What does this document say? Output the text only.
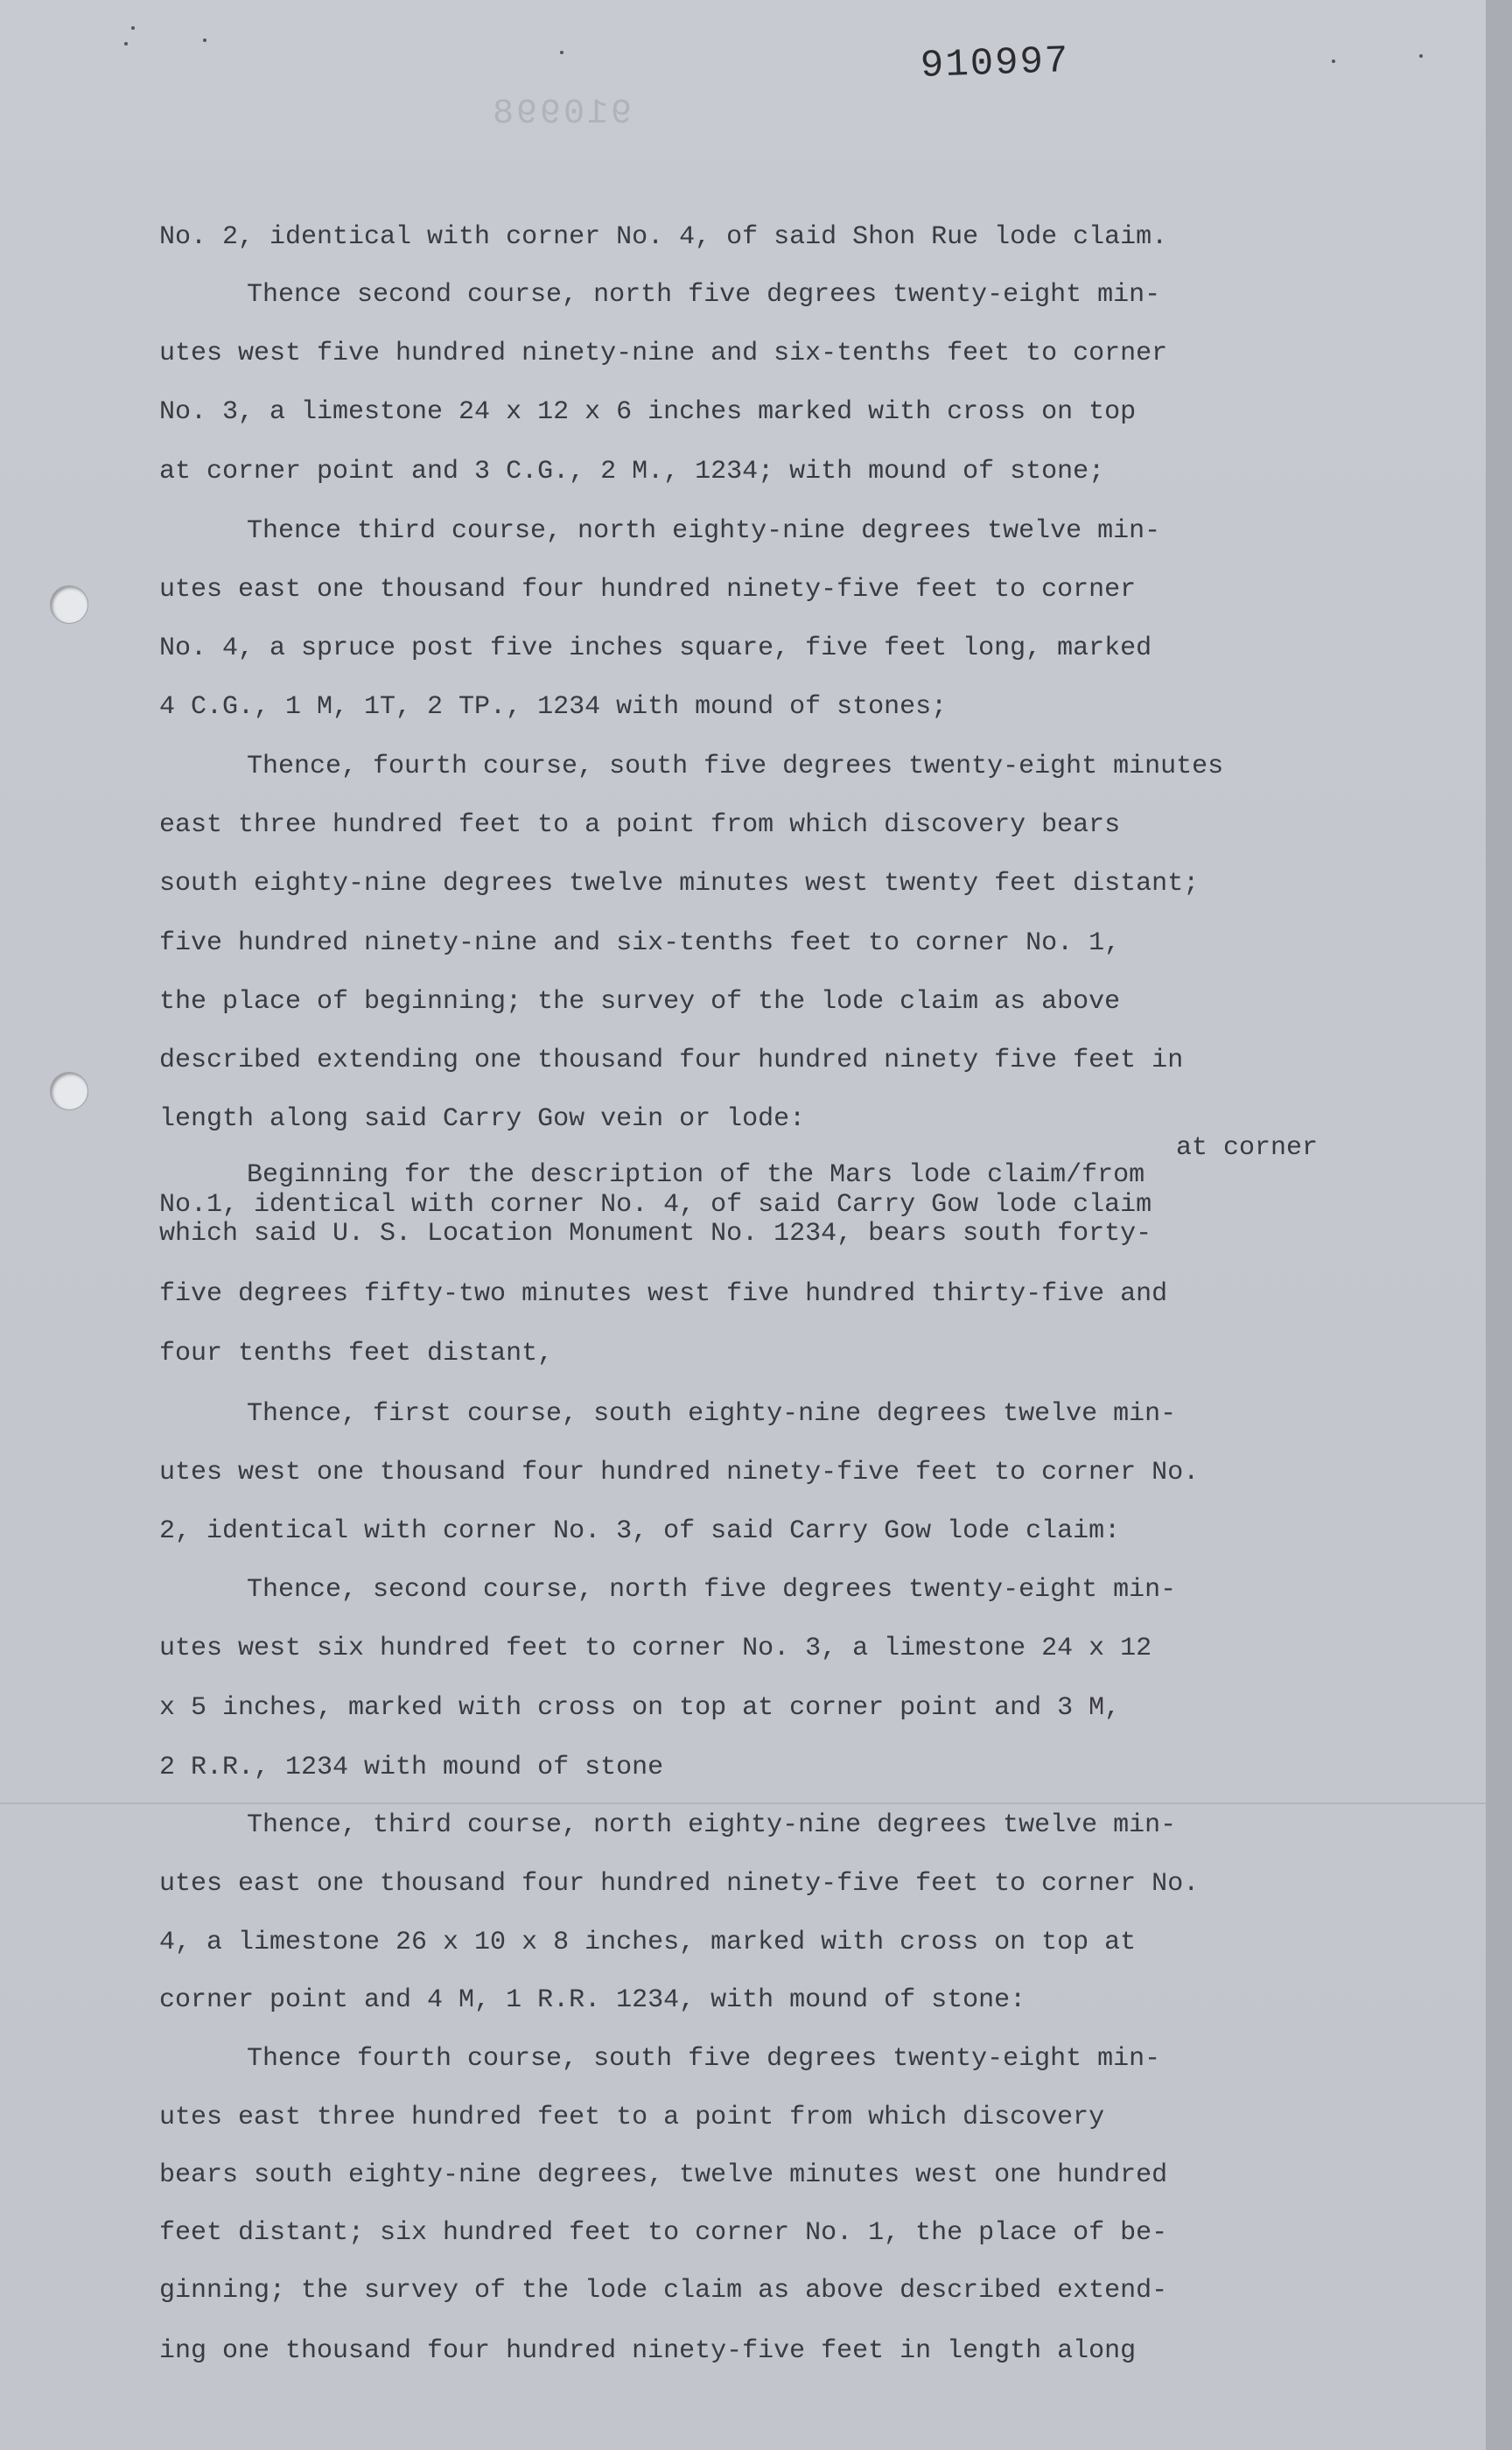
910997
910998
No. 2, identical with corner No. 4, of said Shon Rue lode claim.
Thence second course, north five degrees twenty-eight min-
utes west five hundred ninety-nine and six-tenths feet to corner
No. 3, a limestone 24 x 12 x 6 inches marked with cross on top
at corner point and 3 C.G., 2 M., 1234; with mound of stone;
Thence third course, north eighty-nine degrees twelve min-
utes east one thousand four hundred ninety-five feet to corner
No. 4, a spruce post five inches square, five feet long, marked
4 C.G., 1 M, 1T, 2 TP., 1234 with mound of stones;
Thence, fourth course, south five degrees twenty-eight minutes
east three hundred feet to a point from which discovery bears
south eighty-nine degrees twelve minutes west twenty feet distant;
five hundred ninety-nine and six-tenths feet to corner No. 1,
the place of beginning; the survey of the lode claim as above
described extending one thousand four hundred ninety five feet in
length along said Carry Gow vein or lode:
at corner
Beginning for the description of the Mars lode claim/from
No.1, identical with corner No. 4, of said Carry Gow lode claim
which said U. S. Location Monument No. 1234, bears south forty-
five degrees fifty-two minutes west five hundred thirty-five and
four tenths feet distant,
Thence, first course, south eighty-nine degrees twelve min-
utes west one thousand four hundred ninety-five feet to corner No.
2, identical with corner No. 3, of said Carry Gow lode claim:
Thence, second course, north five degrees twenty-eight min-
utes west six hundred feet to corner No. 3, a limestone 24 x 12
x 5 inches, marked with cross on top at corner point and 3 M,
2 R.R., 1234 with mound of stone
Thence, third course, north eighty-nine degrees twelve min-
utes east one thousand four hundred ninety-five feet to corner No.
4, a limestone 26 x 10 x 8 inches, marked with cross on top at
corner point and 4 M, 1 R.R. 1234, with mound of stone:
Thence fourth course, south five degrees twenty-eight min-
utes east three hundred feet to a point from which discovery
bears south eighty-nine degrees, twelve minutes west one hundred
feet distant; six hundred feet to corner No. 1, the place of be-
ginning; the survey of the lode claim as above described extend-
ing one thousand four hundred ninety-five feet in length along
